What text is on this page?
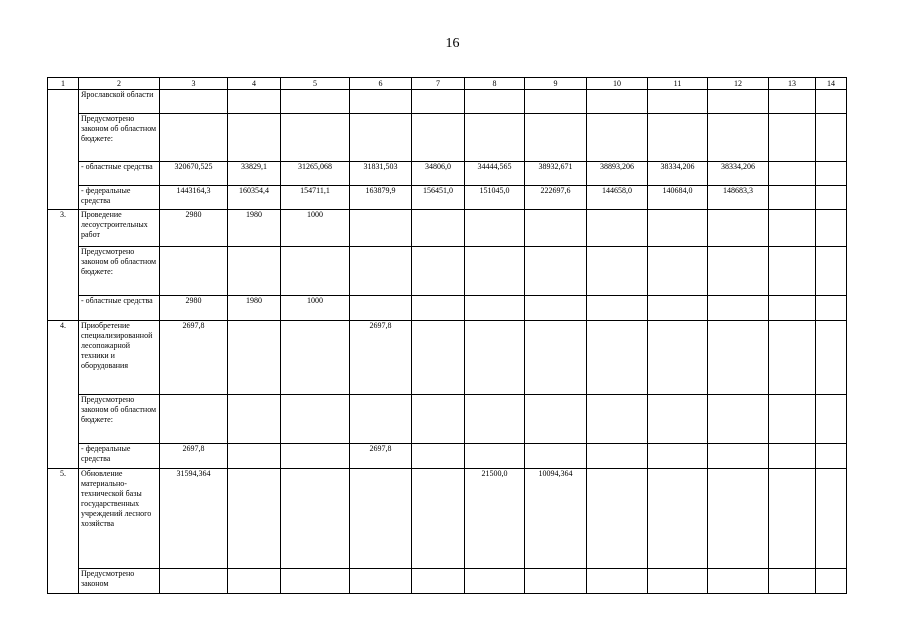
16
1	2	3	4	5	6	7	8	9	10	11	12	13	14
	Ярославской области												
	Предусмотрено законом об областном бюджете:												
	- областные средства	320670,525	33829,1	31265,068	31831,503	34806,0	34444,565	38932,671	38893,206	38334,206	38334,206		
	- федеральные средства	1443164,3	160354,4	154711,1	163879,9	156451,0	151045,0	222697,6	144658,0	140684,0	148683,3		
3.	Проведение лесоустроительных работ	2980	1980	1000									
	Предусмотрено законом об областном бюджете:												
	- областные средства	2980	1980	1000									
4.	Приобретение специализированной лесопожарной техники и оборудования	2697,8			2697,8								
	Предусмотрено законом об областном бюджете:												
	- федеральные средства	2697,8			2697,8								
5.	Обновление материально-технической базы государственных учреждений лесного хозяйства	31594,364					21500,0	10094,364					
	Предусмотрено законом												
